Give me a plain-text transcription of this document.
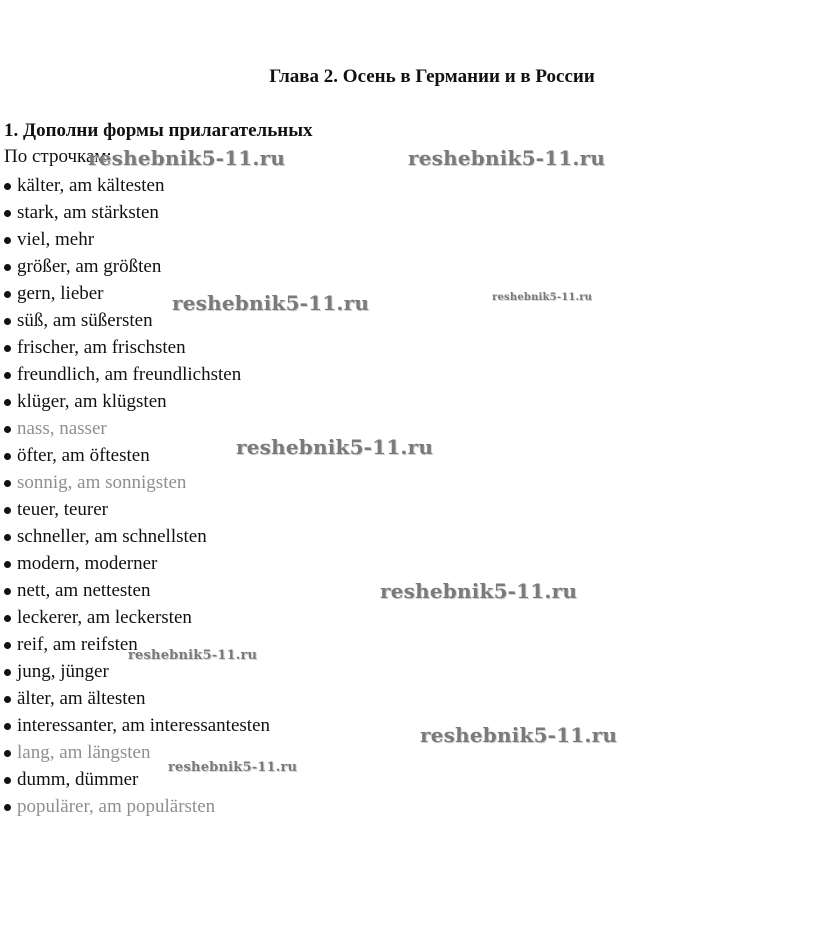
Глава 2. Осень в Германии и в России
1. Дополни формы прилагательных
По строчкам:
kälter, am kältesten
stark, am stärksten
viel, mehr
größer, am größten
gern, lieber
süß, am süßersten
frischer, am frischsten
freundlich, am freundlichsten
klüger, am klügsten
nass, nasser
öfter, am öftesten
sonnig, am sonnigsten
teuer, teurer
schneller, am schnellsten
modern, moderner
nett, am nettesten
leckerer, am leckersten
reif, am reifsten
jung, jünger
älter, am ältesten
interessanter, am interessantesten
lang, am längsten
dumm, dümmer
populärer, am populärsten
reshebnik5-11.ru	reshebnik5-11.ru
reshebnik5-11.ru	reshebnik5-11.ru
reshebnik5-11.ru
reshebnik5-11.ru
reshebnik5-11.ru
reshebnik5-11.ru
reshebnik5-11.ru
